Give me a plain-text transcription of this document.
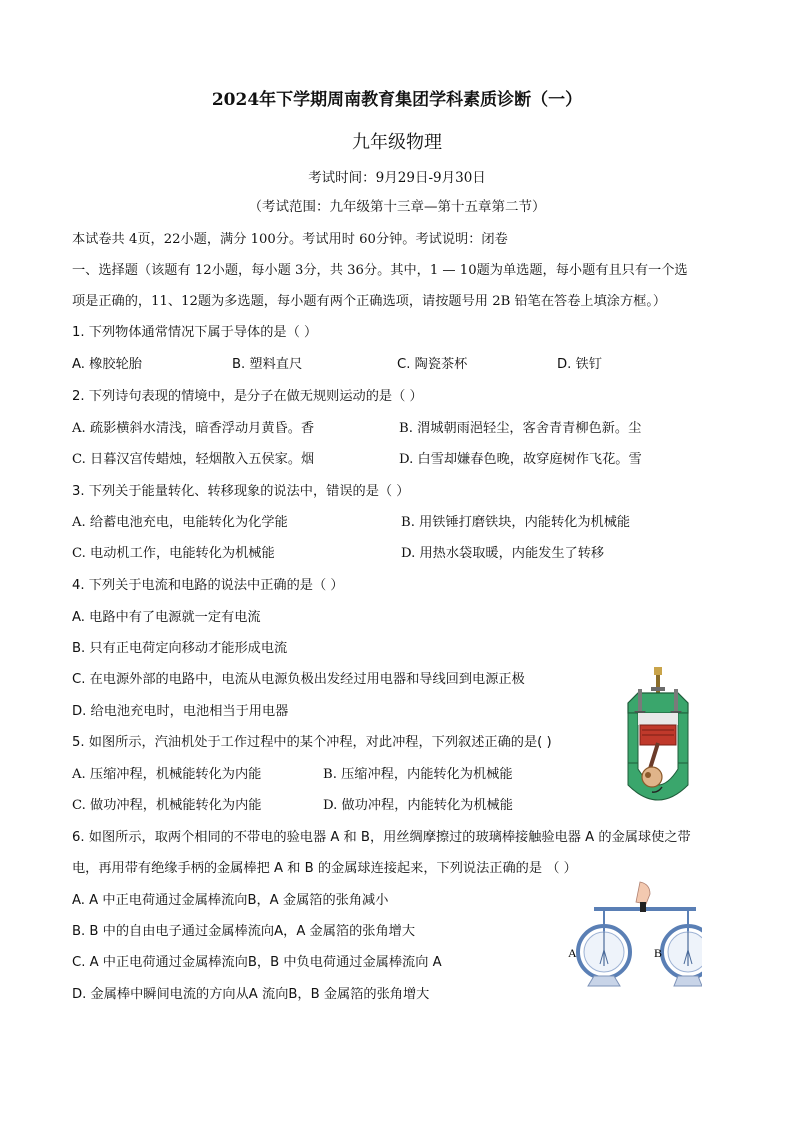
2024年下学期周南教育集团学科素质诊断（一）
九年级物理
考试时间：9月29日-9月30日
（考试范围：九年级第十三章—第十五章第二节）
本试卷共 4页，22小题，满分 100分。考试用时 60分钟。考试说明：闭卷
一、选择题（该题有 12小题，每小题 3分，共 36分。其中，1 — 10题为单选题，每小题有且只有一个选
项是正确的，11、12题为多选题，每小题有两个正确选项，请按题号用 2B 铅笔在答卷上填涂方框。）
1. 下列物体通常情况下属于导体的是（ ）
A. 橡胶轮胎	B. 塑料直尺	C. 陶瓷茶杯	D. 铁钉
2. 下列诗句表现的情境中，是分子在做无规则运动的是（ ）
A. 疏影横斜水清浅，暗香浮动月黄昏。香	B. 渭城朝雨浥轻尘，客舍青青柳色新。尘
C. 日暮汉宫传蜡烛，轻烟散入五侯家。烟	D. 白雪却嫌春色晚，故穿庭树作飞花。雪
3. 下列关于能量转化、转移现象的说法中，错误的是（ ）
A. 给蓄电池充电，电能转化为化学能	B. 用铁锤打磨铁块，内能转化为机械能
C. 电动机工作，电能转化为机械能	D. 用热水袋取暖，内能发生了转移
4. 下列关于电流和电路的说法中正确的是（ ）
A. 电路中有了电源就一定有电流
B. 只有正电荷定向移动才能形成电流
C. 在电源外部的电路中，电流从电源负极出发经过用电器和导线回到电源正极
D. 给电池充电时，电池相当于用电器
5. 如图所示，汽油机处于工作过程中的某个冲程，对此冲程，下列叙述正确的是( )
A. 压缩冲程，机械能转化为内能	B. 压缩冲程，内能转化为机械能
C. 做功冲程，机械能转化为内能	D. 做功冲程，内能转化为机械能
6. 如图所示，取两个相同的不带电的验电器 A 和 B，用丝绸摩擦过的玻璃棒接触验电器 A 的金属球使之带
电，再用带有绝缘手柄的金属棒把 A 和 B 的金属球连接起来，下列说法正确的是 （ ）
A. A 中正电荷通过金属棒流向B，A 金属箔的张角减小
B. B 中的自由电子通过金属棒流向A，A 金属箔的张角增大
C. A 中正电荷通过金属棒流向B，B 中负电荷通过金属棒流向 A
D. 金属棒中瞬间电流的方向从A 流向B，B 金属箔的张角增大
A	B
